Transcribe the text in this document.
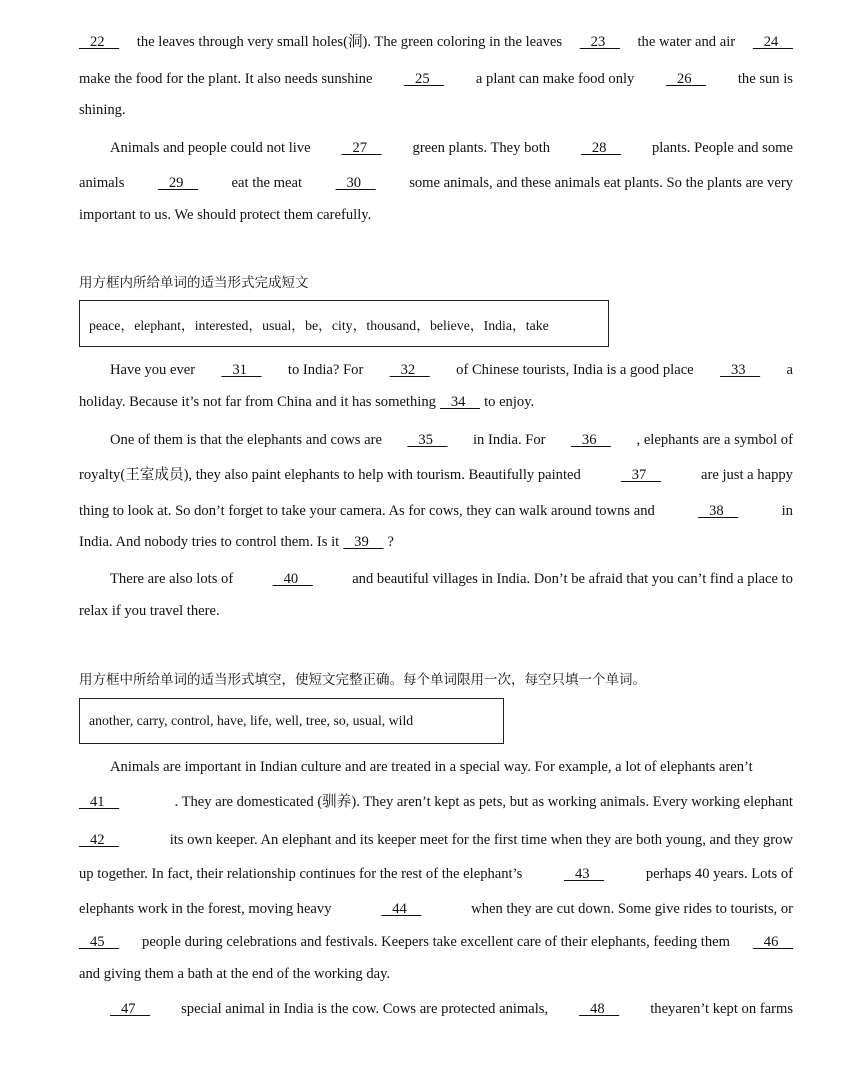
22 the leaves through very small holes(洞). The green coloring in the leaves 23 the water and air 24
make the food for the plant. It also needs sunshine 25 a plant can make food only 26 the sun is
shining.
Animals and people could not live 27 green plants. They both 28 plants. People and some
animals 29 eat the meat 30 some animals, and these animals eat plants. So the plants are very
important to us. We should protect them carefully.
用方框内所给单词的适当形式完成短文
peace，elephant，interested，usual，be，city，thousand，believe，India，take
Have you ever 31 to India? For 32 of Chinese tourists, India is a good place 33 a
holiday. Because it’s not far from China and it has something 34 to enjoy.
One of them is that the elephants and cows are 35 in India. For 36 , elephants are a symbol of
royalty(王室成员), they also paint elephants to help with tourism. Beautifully painted	37	are just a happy
thing to look at. So don’t forget to take your camera. As for cows, they can walk around towns and	38	in
India. And nobody tries to control them. Is it 39 ?
There are also lots of	40	and beautiful villages in India. Don’t be afraid that you can’t find a place to
relax if you travel there.
用方框中所给单词的适当形式填空，使短文完整正确。每个单词限用一次，每空只填一个单词。
another, carry, control, have, life, well, tree, so, usual, wild
Animals are important in Indian culture and are treated in a special way. For example, a lot of elephants aren’t
41	. They are domesticated (驯养). They aren’t kept as pets, but as working animals. Every working elephant
42	its own keeper. An elephant and its keeper meet for the first time when they are both young, and they grow
up together. In fact, their relationship continues for the rest of the elephant’s	43	perhaps 40 years. Lots of
elephants work in the forest, moving heavy	44	when they are cut down. Some give rides to tourists, or
45 people during celebrations and festivals. Keepers take excellent care of their elephants, feeding them 46
and giving them a bath at the end of the working day.
47 special animal in India is the cow. Cows are protected animals, 48 theyaren’t kept on farms
